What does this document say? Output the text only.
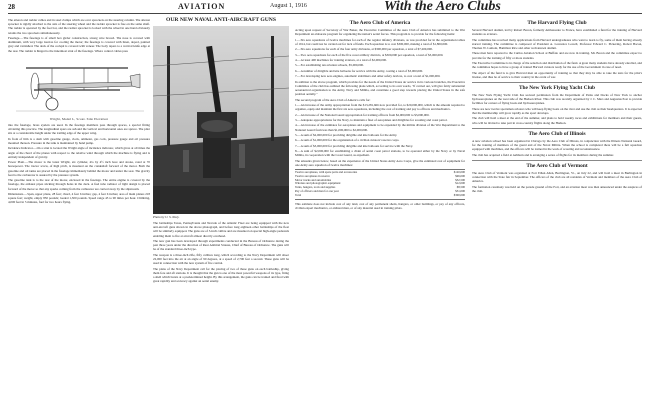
28	AVIATION	August 1, 1916	With the Aero Clubs

The aileron and rudder cables end in steel clamps which are over sprockets on the steering column. The aileron sprocket is rigidly attached to the axis of the steering wheel and the rudder sprocket is free on the same shaft. The rudder is operated by the foot bar, and the rudder sprocket is locked with the wheel in one hand obviously retains the two sprockets simultaneously.

Fuselage.—The fuselage is of small box girder construction, strong wire braced. The nose is covered with aluminum, with very large louvres for cooling the motor; the fuselage is covered with linen, doped, painted grey and varnished. The deck of the cockpit is covered with veneer. The body tapers to a vertical knife edge at the rear. The rudder is hinged to the innermost strut of the fuselage. Where control cables pass

Wright, Model L, Scout. Side Elevation

into the fuselage, brass eyelets are used. In the fuselage members pass through spaces, a special fitting obviating this practice. The longitudinal spars are ash and the vertical and horizontal ones are spruce. The pilot sits at a considerable height under the trailing edge of the upper wing.

In front of him is a dash with gasoline gauge, clock, ammeter, gas cock, pressure gauge and oil pressure mounted thereon. Pressure in the tank is maintained by hand pump.

Incidence Indicator.—On a strut is located the Wright angle of incidence indicator, which gives at all times the angle of the chord of the planes with respect to the relative wind through which the machine is flying and is entirely independent of gravity.

Power Plant.—The motor is the latest Wright, six cylinder, 4¼ by 4½ inch bore and stroke, rated at 70 horsepower. The tractor screw, of high pitch, is mounted on the crankshaft forward of the motor. Both the gasoline and oil tanks are placed in the fuselage immediately behind the motor and under the seat. The gravity feed to the carburetor is assured by the pressure system.

The gasoline tank is to the rear of the motor, enclosed in the fuselage. The entire engine is covered by the fuselage, the exhaust pipes sticking through holes in the deck. A fuel tube radiator of light design is placed forward of the motor so that any sparks coming from the carburetor are carried away by the slipstream.

Dimensions.—Span, upper plane, 28 feet; chord, 4 feet 6 inches; gap, 4 feet 6 inches; area of main planes 218 square feet; weight, empty 850 pounds; loaded 1,300 pounds. Speed range 45 to 90 miles per hour. Climbing, 4,000 feet in 5 minutes, fuel for two hours flying.

OUR NEW NAVAL ANTI-AIRCRAFT GUNS
Photo by U. S. Navy.

The battleships Texas, Pennsylvania and Nevada of the Atlantic Fleet are being equipped with the new anti-aircraft guns shown in the above photograph, and before long eighteen other battleships of the fleet will be similarly equipped. The guns are of 3-inch calibre and are mounted on special high-angle pedestals enabling them to fire at aircraft almost directly overhead.

The new gun has been developed through experiments conducted in the Bureau of Ordnance during the past three years under the direction of Rear Admiral Strauss, Chief of Bureau of Ordnance. The guns will be of the standard three-inch type.

The weapon is a three-inch rifle, fifty calibres long, which according to the Navy Department will shoot 22,000 feet into the air at an angle of 90 degrees, at a speed of 2,700 feet a second. These guns will be used in connection with the new system of fire control.

The plans of the Navy Department call for the placing of two of these guns on each battleship, giving them fore and aft stations. It is thought that the gun is one of the most powerful weapons of its type, firing a shell which bursts at a predetermined height. By this arrangement, the guns can be trained and fired with great rapidity and accuracy against an aerial enemy.

The Aero Club of America

Acting upon request of Secretary of War Baker, the Executive Committee of the Aero Club of America has submitted to the War Department an elaborate program for organizing the nation's aerial forces. This program is to provide for the following items:

1.—Six aero squadrons of twelve machines for each of the regular infantry divisions, as was provided for in the organization tables of 1914, but could not be carried out for lack of funds. Each squadron is to cost $300,000, making a total of $1,800,000.

2.—Six aero squadrons for each of the four army divisions, at $300,000 per squadron, a total of $7,200,000.

3.—Two aero squadrons for each of the five coast artillery districts, at $300,000 per squadron, a total of $3,000,000.

4.—At least 400 machines for training aviators, at a total of $2,000,000.

5.—For establishing ten aviation schools, $5,000,000.

6.—A number of dirigible and kite balloons for service with the Army, costing a total of $3,000,000.

7.—For developing new aero engines, automatic stabilizers and other safety devices, to cost a total of $1,000,000.

In addition to the above program, which provides for the needs of the United States air service in its various branches, the Executive Committee of the club has outlined the following plans which, according to its own words, "if carried out, will give fairly substantial aeronautical organization to the Army, Navy and Militia, and constitute a good step towards placing the United States in the safe position aerially."

The second program of the Aero Club of America calls for:

1.—An increase of the Army appropriation from the $13,281,666 now provided for, to $20,000,000, which is the amount required to organize, equip and maintain the first six aero squadrons, including the cost of training and pay to officers and mechanics.

2.—An increase of the National Guard appropriation for training officers from $2,000,000 to $3,000,000.

3.—Adequate appropriations for the Navy, to maintain a fleet of aeroplanes and dirigibles for scouting and coast patrol.

4.—An increase of the estimates for aeroplanes and equipment to be expended by the militia division of the War Department to the National Guard from less than $1,000,000 to $2,000,000.

5.—A sum of $2,000,000 for providing dirigible and kite balloons for the Army.

6.—A sum of $1,000,000 for the organization of a civilian aviators' reserve corps.

7.—A sum of $3,000,000 for providing dirigible and kite balloons for service with the Navy.

8.—A sum of $2,000,000 for establishing a chain of aerial coast patrol stations, to be operated either by the Navy or by Naval Militia, in cooperation with the Coast Guard, as expedient.

The amounts given below, based on the experience of the United States Army Aero Corps, give the estimated cost of equipment for one Army aero squadron of twelve machines:

Twelve aeroplanes, with spare parts and accessories	$120,000
Twelve aeroplanes in reserve	$96,000
Motor trucks and automobiles	$32,500
Wireless and photographic equipment	$12,000
Tents, hangars, tools and supplies	$8,500
Pay of officers and men for one year	$31,000
Total	$300,000

This estimate does not include cost of any land, cost of any permanent sheds, hangars, or other buildings, or pay of any officers, civilian expert mechanics, or enlisted men, or of any material used in training pilots.

The Harvard Flying Club

Several Harvard alumni, led by Robert Bacon, formerly Ambassador to France, have established a fund for the training of Harvard students as aviators.

The committee has received many applications from Harvard undergraduates who want to learn to fly, some of them having already started training. The committee is composed of President A. Lawrence Lowell, Professor Edward C. Pickering, Robert Bacon, Thomas W. Lamont, Hamilton Rice and other well-known alumni.

These men have reported to the Curtiss Aviation School at Buffalo and are now in training. Mr. Bacon and the committee expect to provide for the training of fifty or more students.

The Executive Committee is in charge of the selection and distribution of the fund. A great many students have already enrolled, and the committee hopes to have a group of trained Harvard aviators ready for the use of the Government in case of need.

The object of the fund is to give Harvard men an opportunity of training so that they may be able to take the tests for the pilot's license, and thus be of service to their country in the event of war.

The New York Flying Yacht Club

The New York Flying Yacht Club has secured permission from the Department of Parks and Docks of New York to anchor hydroaeroplanes on the west side of the Hudson River. This club was recently organized by J. C. Mars and Augustus Post to provide facilities for owners of flying boats and hydroaeroplanes.

There are now twelve sportsmen aviators who will keep flying boats on the river and use the club as their headquarters. It is expected that the membership will grow rapidly as the sport develops.

The club will hold a meet at the end of the summer, and plans to hold weekly races and exhibitions for members and their guests, who will be invited to take part in cross-country flights along the Hudson.

The Aero Club of Illinois

A new aviation school has been organized in Chicago by the Aero Club of Illinois, in conjunction with the Illinois National Guard, for the training of members of the guard and of the Naval Militia. When the school is completed there will be a full squadron equipped with machines, and the officers will be trained in the work of scouting and reconnaissance.

The club has acquired a field at Ashburn and is arranging a series of flights for its members during the summer.

The Aero Club of Vermont

The Aero Club of Vermont was organized at Fort Ethan Allen, Burlington, Vt., on July 22, and will hold a meet in Burlington in connection with the State fair in September. The officers of the club are all residents of Vermont and members of the Aero Club of America.

The formation ceremony was held on the parade ground of the Fort, and an aviation meet was then announced under the auspices of the club.
